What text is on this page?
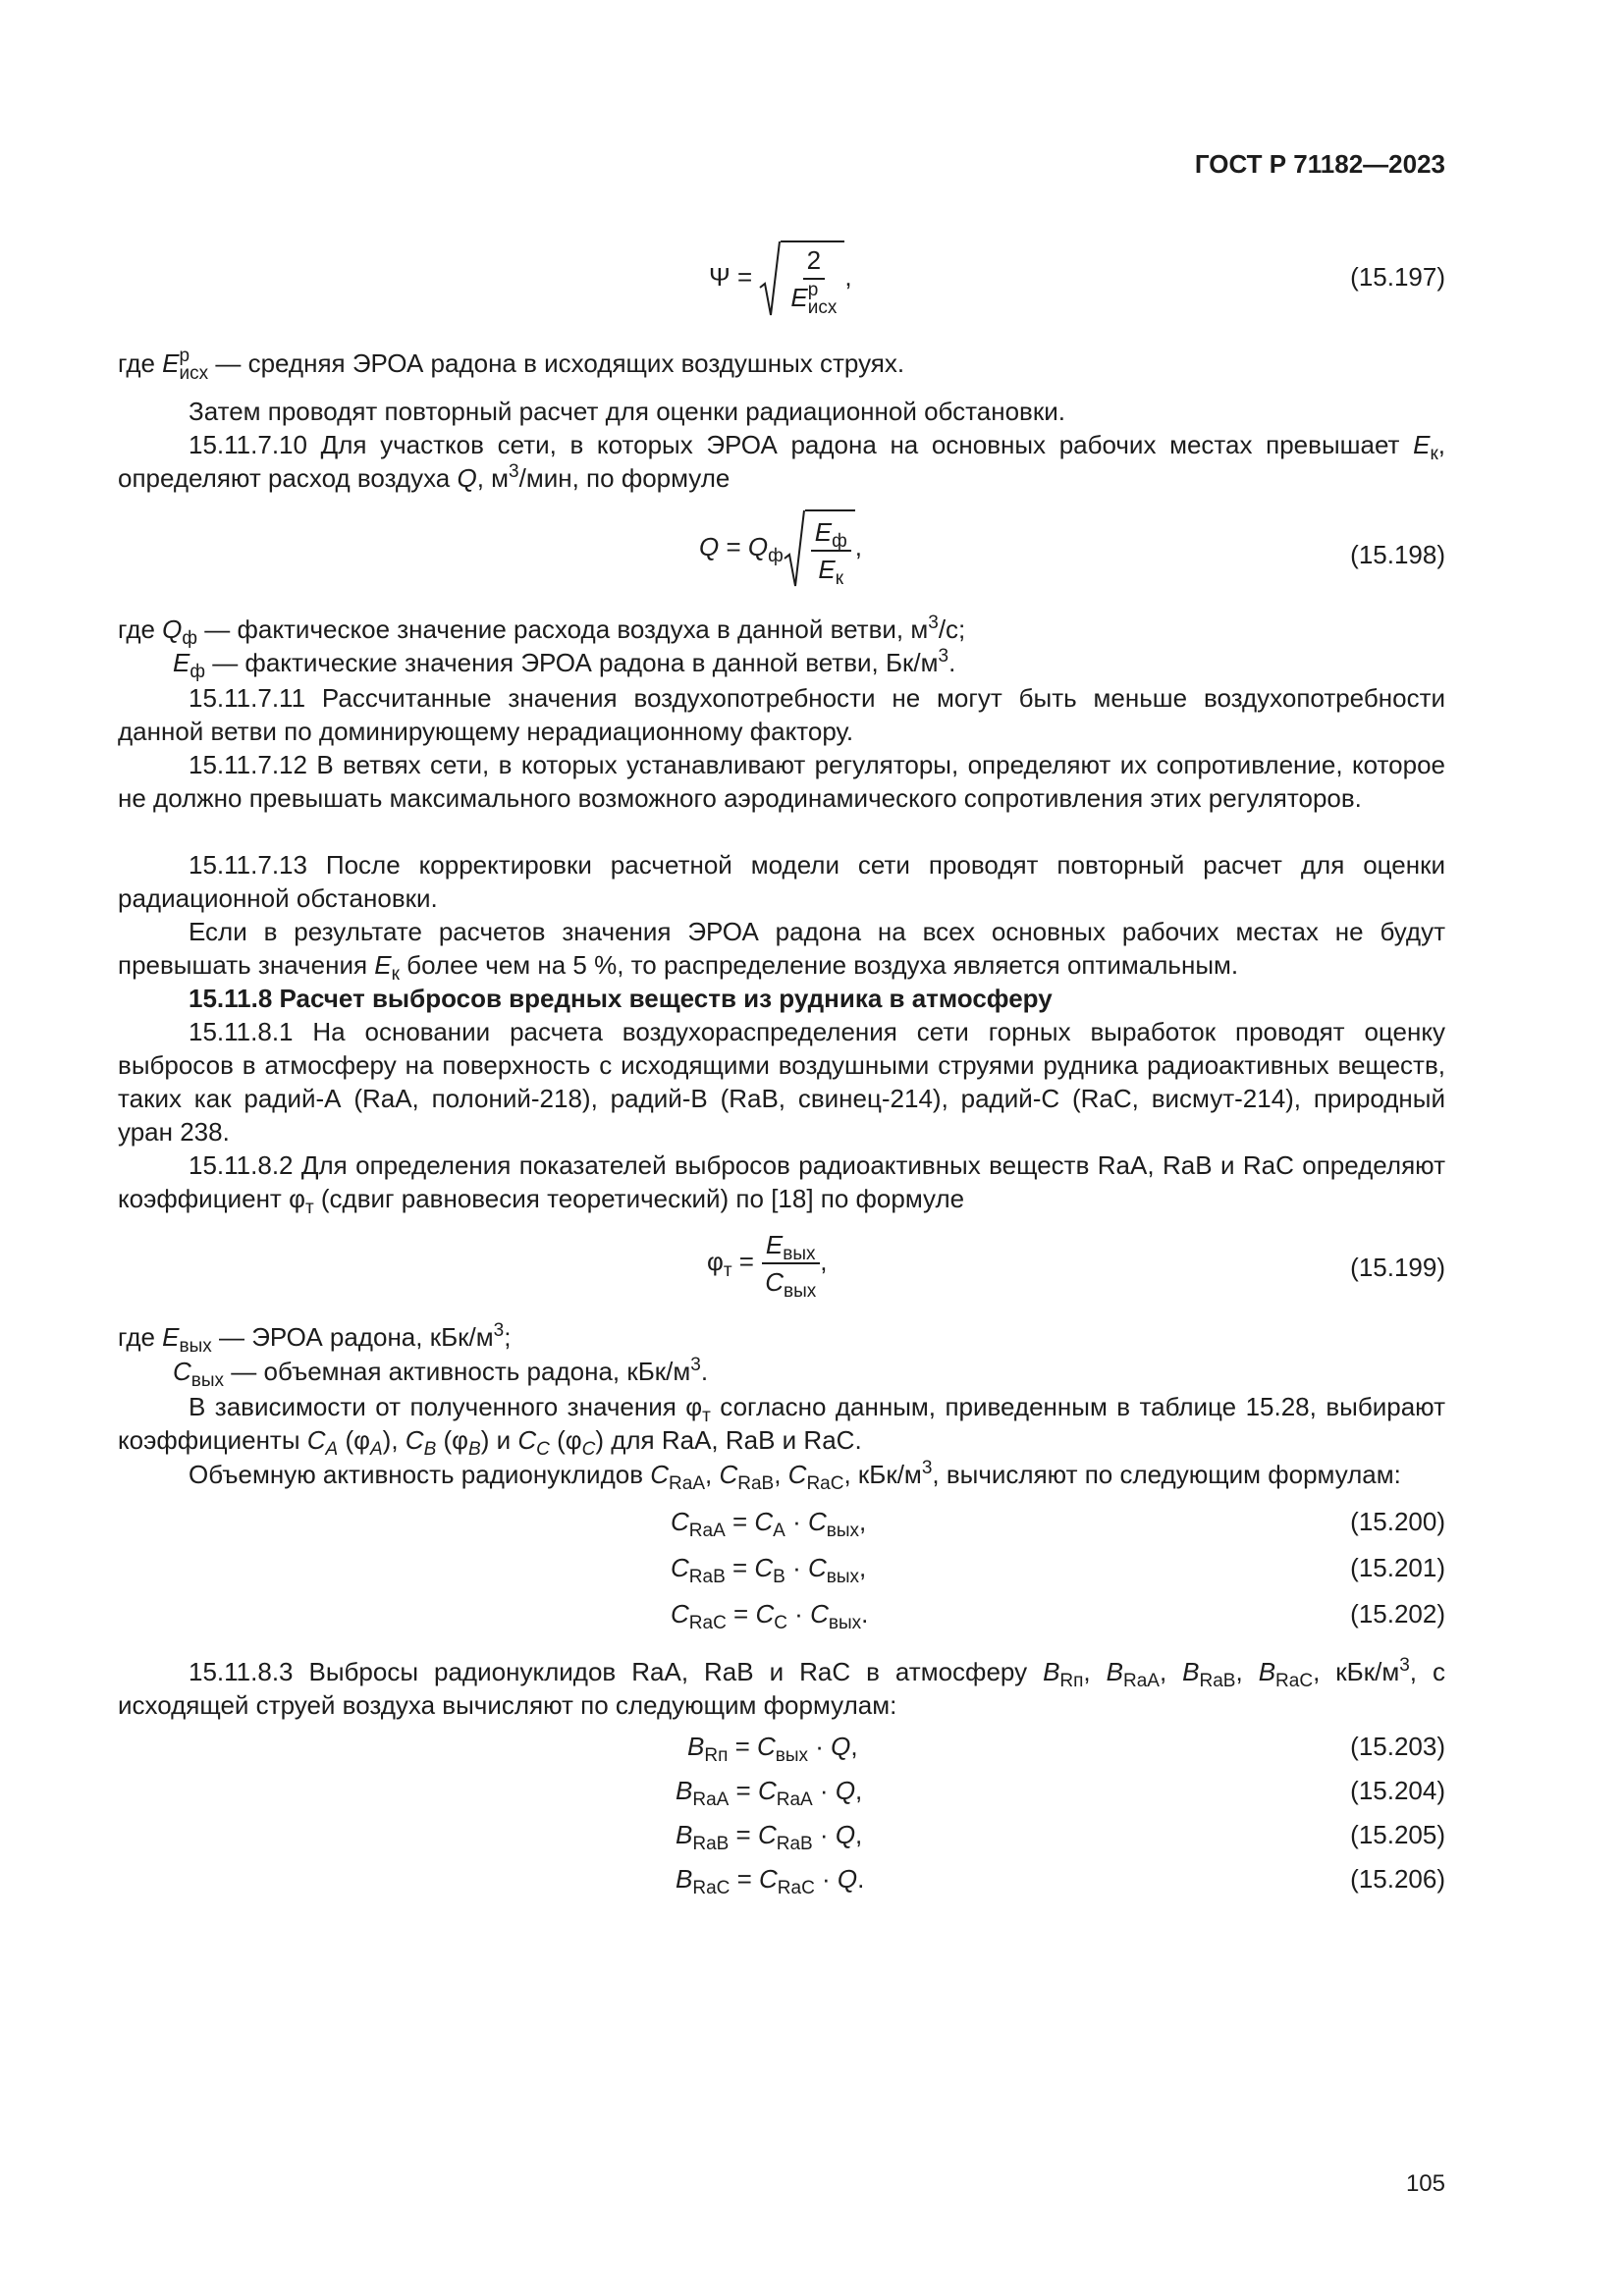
ГОСТ Р 71182—2023
Ψ = 2
E р
исх ,	(15.197)
где E р
исх — средняя ЭРОА радона в исходящих воздушных струях.
Затем проводят повторный расчет для оценки радиационной обстановки.
15.11.7.10 Для участков сети, в которых ЭРОА радона на основных рабочих местах превышает $E_к$, определяют расход воздуха Q, $м^3$/мин, по формуле
$Q = Q_ф \frac{E_ф}{E_к}$ ,	(15.198)
где $Q_ф$ — фактическое значение расхода воздуха в данной ветви, $м^3/с$;
$E_ф$ — фактические значения ЭРОА радона в данной ветви, $Бк/м^3$.
15.11.7.11 Рассчитанные значения воздухопотребности не могут быть меньше воздухопотребности данной ветви по доминирующему нерадиационному фактору.
15.11.7.12 В ветвях сети, в которых устанавливают регуляторы, определяют их сопротивление, которое не должно превышать максимального возможного аэродинамического сопротивления этих регуляторов.
15.11.7.13 После корректировки расчетной модели сети проводят повторный расчет для оценки радиационной обстановки.
Если в результате расчетов значения ЭРОА радона на всех основных рабочих местах не будут превышать значения $E_к$ более чем на 5 %, то распределение воздуха является оптимальным.
15.11.8 Расчет выбросов вредных веществ из рудника в атмосферу
15.11.8.1 На основании расчета воздухораспределения сети горных выработок проводят оценку выбросов в атмосферу на поверхность с исходящими воздушными струями рудника радиоактивных веществ, таких как радий-А (RaA, полоний-218), радий-В (RaB, свинец-214), радий-С (RaC, висмут-214), природный уран 238.
15.11.8.2 Для определения показателей выбросов радиоактивных веществ RaA, RaB и RaC определяют коэффициент $\varphi_т$ (сдвиг равновесия теоретический) по [18] по формуле
$\varphi_т = \frac{E_{вых}}{C_{вых}}$ ,	(15.199)
где $E_{вых}$ — ЭРОА радона, кБк/$м^3$;
$C_{вых}$ — объемная активность радона, кБк/$м^3$.
В зависимости от полученного значения $\varphi_т$ согласно данным, приведенным в таблице 15.28, выбирают коэффициенты $C_A$ $(\varphi_A)$, $C_B$ $(\varphi_B)$ и $C_C$ $(\varphi_C)$ для RaA, RaB и RaC.
Объемную активность радионуклидов $C_{RaA}$, $C_{RaB}$, $C_{RaC}$, кБк/$м^3$, вычисляют по следующим формулам:
$C_{RaA} = C_A \cdot C_{вых}$,	(15.200)
$C_{RaB} = C_B \cdot C_{вых}$,	(15.201)
$C_{RaC} = C_C \cdot C_{вых}$.	(15.202)
15.11.8.3 Выбросы радионуклидов RaA, RaB и RaC в атмосферу $B_{Rп}$, $B_{RaA}$, $B_{RaB}$, $B_{RaC}$, кБк/$м^3$, с исходящей струей воздуха вычисляют по следующим формулам:
$B_{Rп} = C_{вых} \cdot Q$,	(15.203)
$B_{RaA} = C_{RaA} \cdot Q$,	(15.204)
$B_{RaB} = C_{RaB} \cdot Q$,	(15.205)
$B_{RaC} = C_{RaC} \cdot Q$.	(15.206)
105
